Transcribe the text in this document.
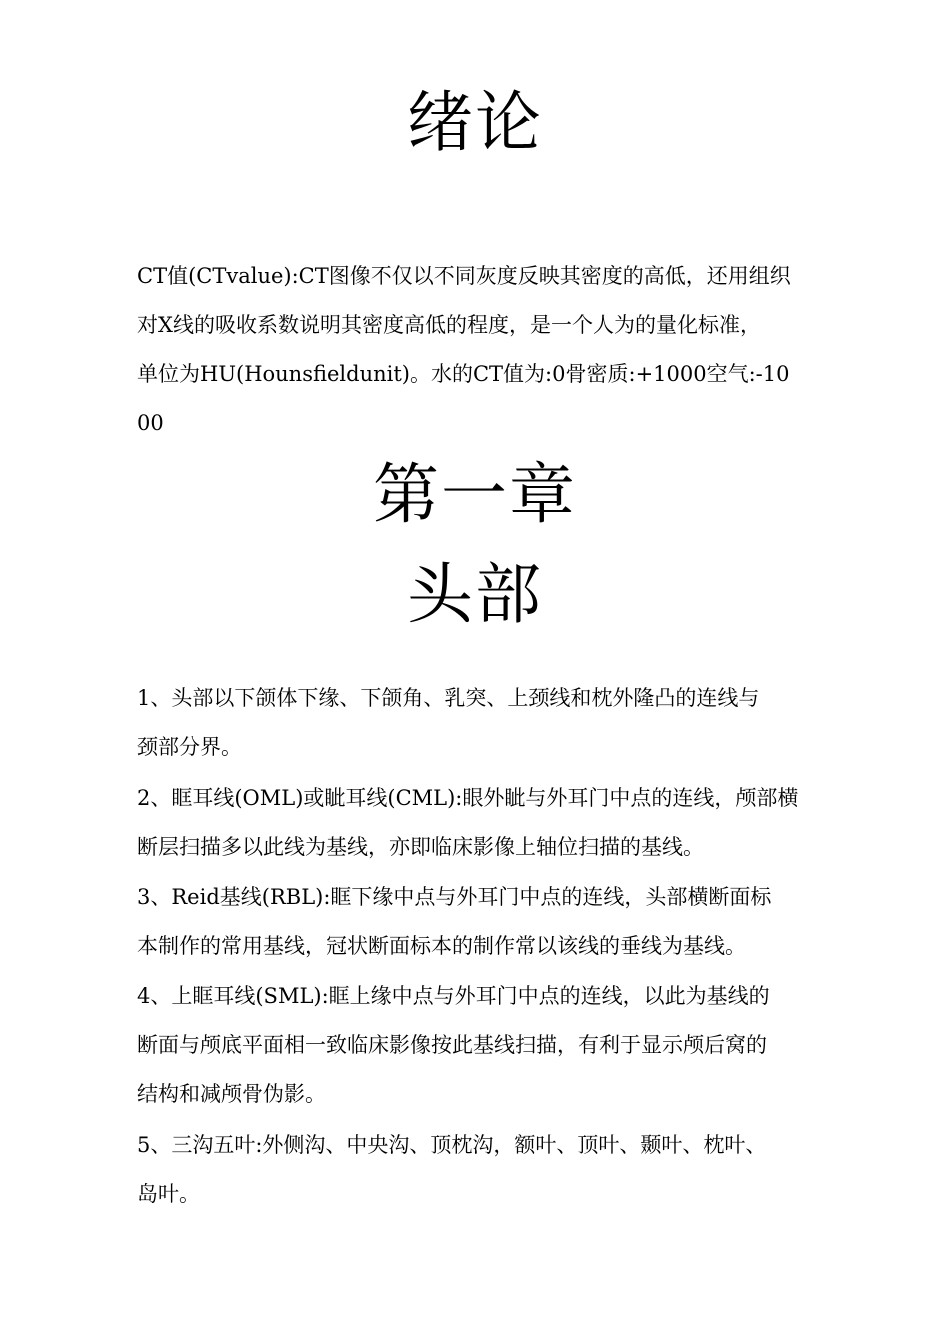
绪论

CT值(CTvalue):CT图像不仅以不同灰度反映其密度的高低，还用组织
对X线的吸收系数说明其密度高低的程度，是一个人为的量化标准，
单位为HU(Hounsfieldunit)。水的CT值为:0骨密质:+1000空气:-10
00

第一章
头部

1、头部以下颌体下缘、下颌角、乳突、上颈线和枕外隆凸的连线与
颈部分界。

2、眶耳线(OML)或眦耳线(CML):眼外眦与外耳门中点的连线，颅部横
断层扫描多以此线为基线，亦即临床影像上轴位扫描的基线。

3、Reid基线(RBL):眶下缘中点与外耳门中点的连线，头部横断面标
本制作的常用基线，冠状断面标本的制作常以该线的垂线为基线。

4、上眶耳线(SML):眶上缘中点与外耳门中点的连线，以此为基线的
断面与颅底平面相一致临床影像按此基线扫描，有利于显示颅后窝的
结构和减颅骨伪影。

5、三沟五叶:外侧沟、中央沟、顶枕沟，额叶、顶叶、颞叶、枕叶、
岛叶。
